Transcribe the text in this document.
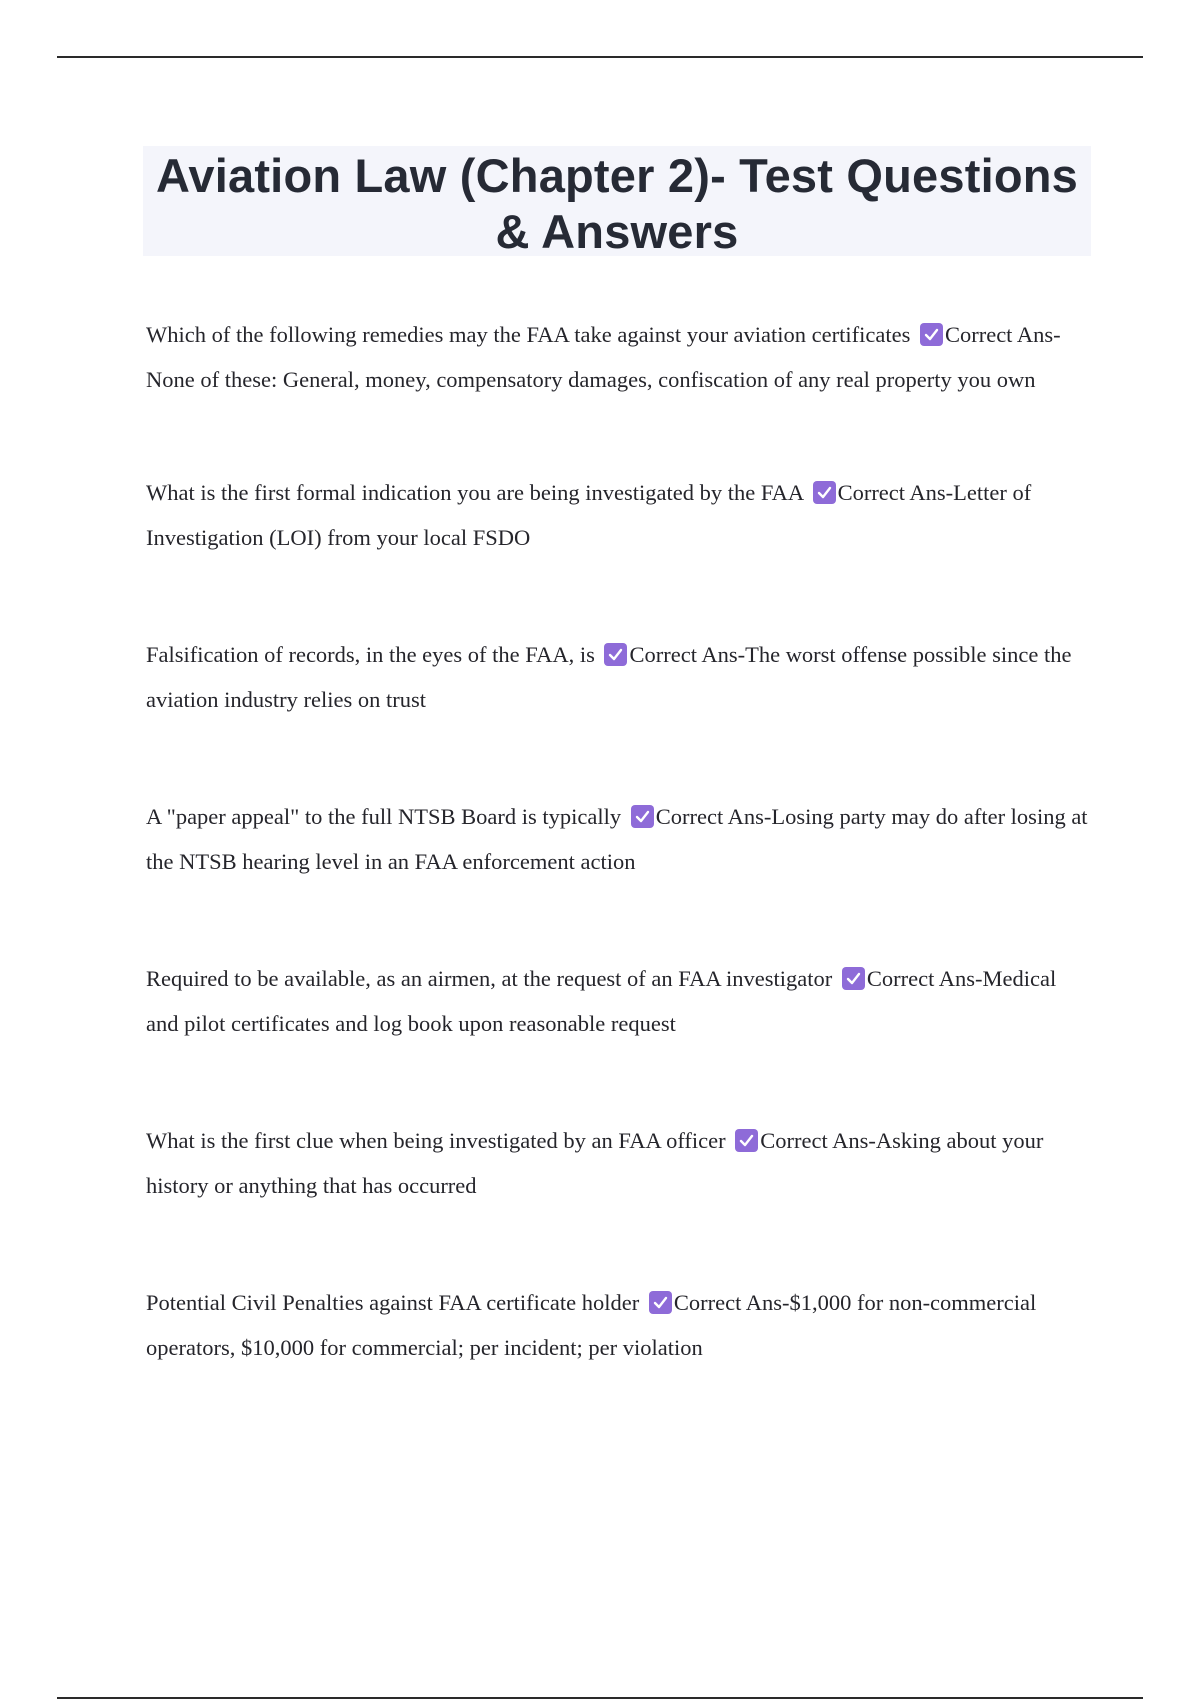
Aviation Law (Chapter 2)- Test Questions & Answers

Which of the following remedies may the FAA take against your aviation certificates Correct Ans-None of these: General, money, compensatory damages, confiscation of any real property you own

What is the first formal indication you are being investigated by the FAA Correct Ans-Letter of Investigation (LOI) from your local FSDO

Falsification of records, in the eyes of the FAA, is Correct Ans-The worst offense possible since the aviation industry relies on trust

A "paper appeal" to the full NTSB Board is typically Correct Ans-Losing party may do after losing at the NTSB hearing level in an FAA enforcement action

Required to be available, as an airmen, at the request of an FAA investigator Correct Ans-Medical and pilot certificates and log book upon reasonable request

What is the first clue when being investigated by an FAA officer Correct Ans-Asking about your history or anything that has occurred

Potential Civil Penalties against FAA certificate holder Correct Ans-$1,000 for non-commercial operators, $10,000 for commercial; per incident; per violation
